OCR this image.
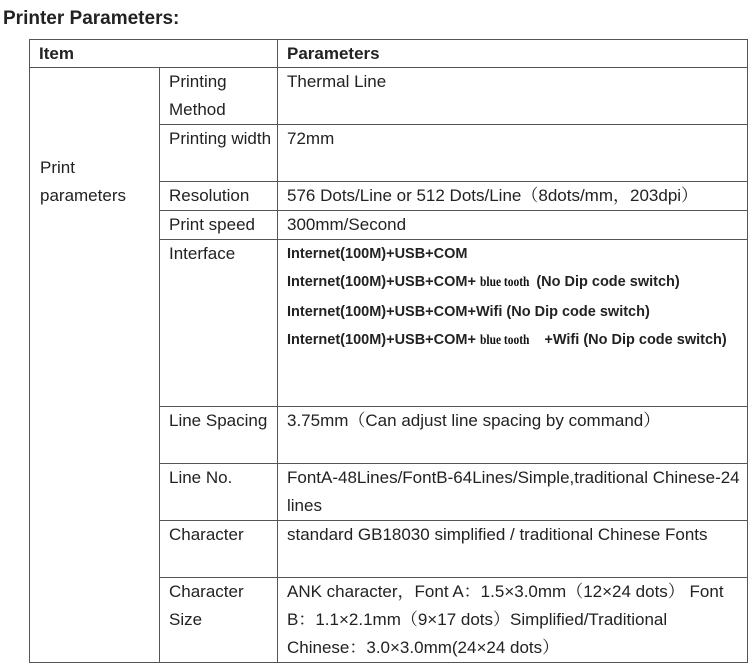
Printer Parameters:
Item		Parameters
Print parameters	Printing Method	Thermal Line
	Printing width	72mm
	Resolution	576 Dots/Line or 512 Dots/Line（8dots/mm，203dpi）
	Print speed	300mm/Second
	Interface	Internet(100M)+USB+COM
Internet(100M)+USB+COM+ blue tooth (No Dip code switch)
Internet(100M)+USB+COM+Wifi (No Dip code switch)
Internet(100M)+USB+COM+ blue tooth +Wifi (No Dip code switch)

	Line Spacing	3.75mm（Can adjust line spacing by command）
	Line No.	FontA-48Lines/FontB-64Lines/Simple,traditional Chinese-24 lines
	Character	standard GB18030 simplified / traditional Chinese Fonts
	Character Size	ANK character，Font A：1.5×3.0mm（12×24 dots） Font B：1.1×2.1mm（9×17 dots）Simplified/Traditional Chinese：3.0×3.0mm(24×24 dots）
